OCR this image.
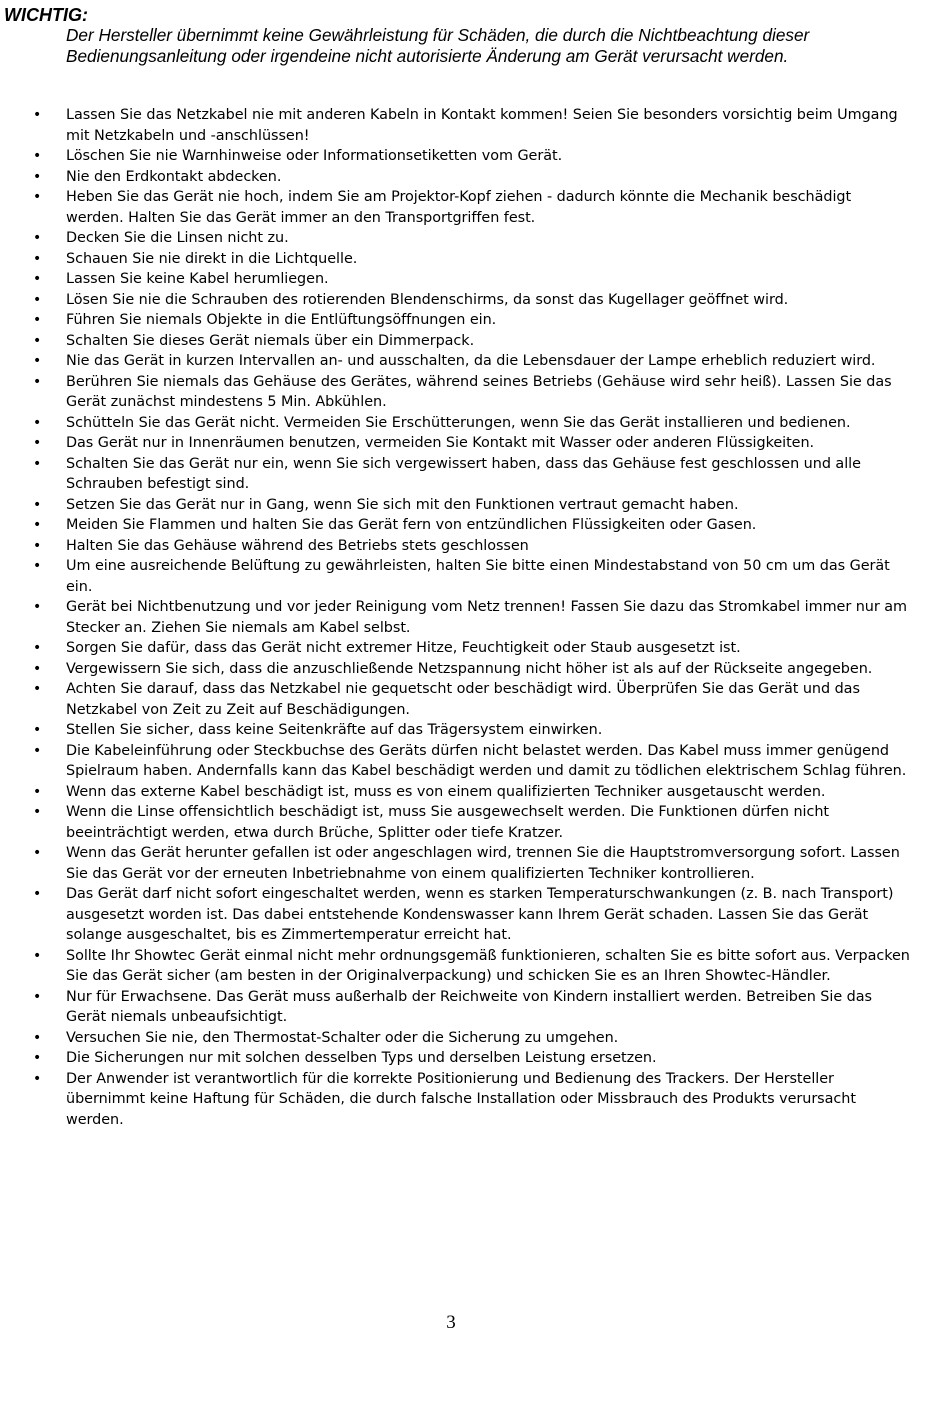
WICHTIG:

Der Hersteller übernimmt keine Gewährleistung für Schäden, die durch die Nichtbeachtung dieser Bedienungsanleitung oder irgendeine nicht autorisierte Änderung am Gerät verursacht werden.

• Lassen Sie das Netzkabel nie mit anderen Kabeln in Kontakt kommen! Seien Sie besonders vorsichtig beim Umgang mit Netzkabeln und -anschlüssen!
• Löschen Sie nie Warnhinweise oder Informationsetiketten vom Gerät.
• Nie den Erdkontakt abdecken.
• Heben Sie das Gerät nie hoch, indem Sie am Projektor-Kopf ziehen - dadurch könnte die Mechanik beschädigt werden. Halten Sie das Gerät immer an den Transportgriffen fest.
• Decken Sie die Linsen nicht zu.
• Schauen Sie nie direkt in die Lichtquelle.
• Lassen Sie keine Kabel herumliegen.
• Lösen Sie nie die Schrauben des rotierenden Blendenschirms, da sonst das Kugellager geöffnet wird.
• Führen Sie niemals Objekte in die Entlüftungsöffnungen ein.
• Schalten Sie dieses Gerät niemals über ein Dimmerpack.
• Nie das Gerät in kurzen Intervallen an- und ausschalten, da die Lebensdauer der Lampe erheblich reduziert wird.
• Berühren Sie niemals das Gehäuse des Gerätes, während seines Betriebs (Gehäuse wird sehr heiß). Lassen Sie das Gerät zunächst mindestens 5 Min. Abkühlen.
• Schütteln Sie das Gerät nicht. Vermeiden Sie Erschütterungen, wenn Sie das Gerät installieren und bedienen.
• Das Gerät nur in Innenräumen benutzen, vermeiden Sie Kontakt mit Wasser oder anderen Flüssigkeiten.
• Schalten Sie das Gerät nur ein, wenn Sie sich vergewissert haben, dass das Gehäuse fest geschlossen und alle Schrauben befestigt sind.
• Setzen Sie das Gerät nur in Gang, wenn Sie sich mit den Funktionen vertraut gemacht haben.
• Meiden Sie Flammen und halten Sie das Gerät fern von entzündlichen Flüssigkeiten oder Gasen.
• Halten Sie das Gehäuse während des Betriebs stets geschlossen
• Um eine ausreichende Belüftung zu gewährleisten, halten Sie bitte einen Mindestabstand von 50 cm um das Gerät ein.
• Gerät bei Nichtbenutzung und vor jeder Reinigung vom Netz trennen! Fassen Sie dazu das Stromkabel immer nur am Stecker an. Ziehen Sie niemals am Kabel selbst.
• Sorgen Sie dafür, dass das Gerät nicht extremer Hitze, Feuchtigkeit oder Staub ausgesetzt ist.
• Vergewissern Sie sich, dass die anzuschließende Netzspannung nicht höher ist als auf der Rückseite angegeben.
• Achten Sie darauf, dass das Netzkabel nie gequetscht oder beschädigt wird. Überprüfen Sie das Gerät und das Netzkabel von Zeit zu Zeit auf Beschädigungen.
• Stellen Sie sicher, dass keine Seitenkräfte auf das Trägersystem einwirken.
• Die Kabeleinführung oder Steckbuchse des Geräts dürfen nicht belastet werden. Das Kabel muss immer genügend Spielraum haben. Andernfalls kann das Kabel beschädigt werden und damit zu tödlichen elektrischem Schlag führen.
• Wenn das externe Kabel beschädigt ist, muss es von einem qualifizierten Techniker ausgetauscht werden.
• Wenn die Linse offensichtlich beschädigt ist, muss Sie ausgewechselt werden. Die Funktionen dürfen nicht beeinträchtigt werden, etwa durch Brüche, Splitter oder tiefe Kratzer.
• Wenn das Gerät herunter gefallen ist oder angeschlagen wird, trennen Sie die Hauptstromversorgung sofort. Lassen Sie das Gerät vor der erneuten Inbetriebnahme von einem qualifizierten Techniker kontrollieren.
• Das Gerät darf nicht sofort eingeschaltet werden, wenn es starken Temperaturschwankungen (z. B. nach Transport) ausgesetzt worden ist. Das dabei entstehende Kondenswasser kann Ihrem Gerät schaden. Lassen Sie das Gerät solange ausgeschaltet, bis es Zimmertemperatur erreicht hat.
• Sollte Ihr Showtec Gerät einmal nicht mehr ordnungsgemäß funktionieren, schalten Sie es bitte sofort aus. Verpacken Sie das Gerät sicher (am besten in der Originalverpackung) und schicken Sie es an Ihren Showtec-Händler.
• Nur für Erwachsene. Das Gerät muss außerhalb der Reichweite von Kindern installiert werden. Betreiben Sie das Gerät niemals unbeaufsichtigt.
• Versuchen Sie nie, den Thermostat-Schalter oder die Sicherung zu umgehen.
• Die Sicherungen nur mit solchen desselben Typs und derselben Leistung ersetzen.
• Der Anwender ist verantwortlich für die korrekte Positionierung und Bedienung des Trackers. Der Hersteller übernimmt keine Haftung für Schäden, die durch falsche Installation oder Missbrauch des Produkts verursacht werden.
3
